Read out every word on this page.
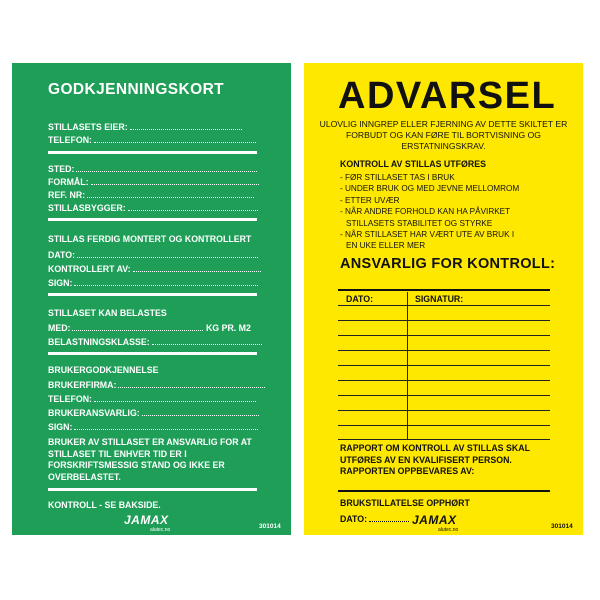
GODKJENNINGSKORT
STILLASETS EIER:
TELEFON:
STED:
FORMÅL:
REF. NR:
STILLASBYGGER:
STILLAS FERDIG MONTERT OG KONTROLLERT
DATO:
KONTROLLERT AV:
SIGN:
STILLASET KAN BELASTES
MED:	KG PR. M2
BELASTNINGSKLASSE:
BRUKERGODKJENNELSE
BRUKERFIRMA:
TELEFON:
BRUKERANSVARLIG:
SIGN:
BRUKER AV STILLASET ER ANSVARLIG FOR AT STILLASET TIL ENHVER TID ER I FORSKRIFTSMESSIG STAND OG IKKE ER OVERBELASTET.
KONTROLL - SE BAKSIDE.
JAMAX
alutec.no	301014
ADVARSEL
ULOVLIG INNGREP ELLER FJERNING AV DETTE SKILTET ER FORBUDT OG KAN FØRE TIL BORTVISNING OG ERSTATNINGSKRAV.
KONTROLL AV STILLAS UTFØRES
- FØR STILLASET TAS I BRUK
- UNDER BRUK OG MED JEVNE MELLOMROM
- ETTER UVÆR
- NÅR ANDRE FORHOLD KAN HA PÅVIRKET
STILLASETS STABILITET OG STYRKE
- NÅR STILLASET HAR VÆRT UTE AV BRUK I
EN UKE ELLER MER
ANSVARLIG FOR KONTROLL:
DATO:	SIGNATUR:
RAPPORT OM KONTROLL AV STILLAS SKAL UTFØRES AV EN KVALIFISERT PERSON. RAPPORTEN OPPBEVARES AV:
BRUKSTILLATELSE OPPHØRT
DATO:	JAMAX
alutec.no	301014
